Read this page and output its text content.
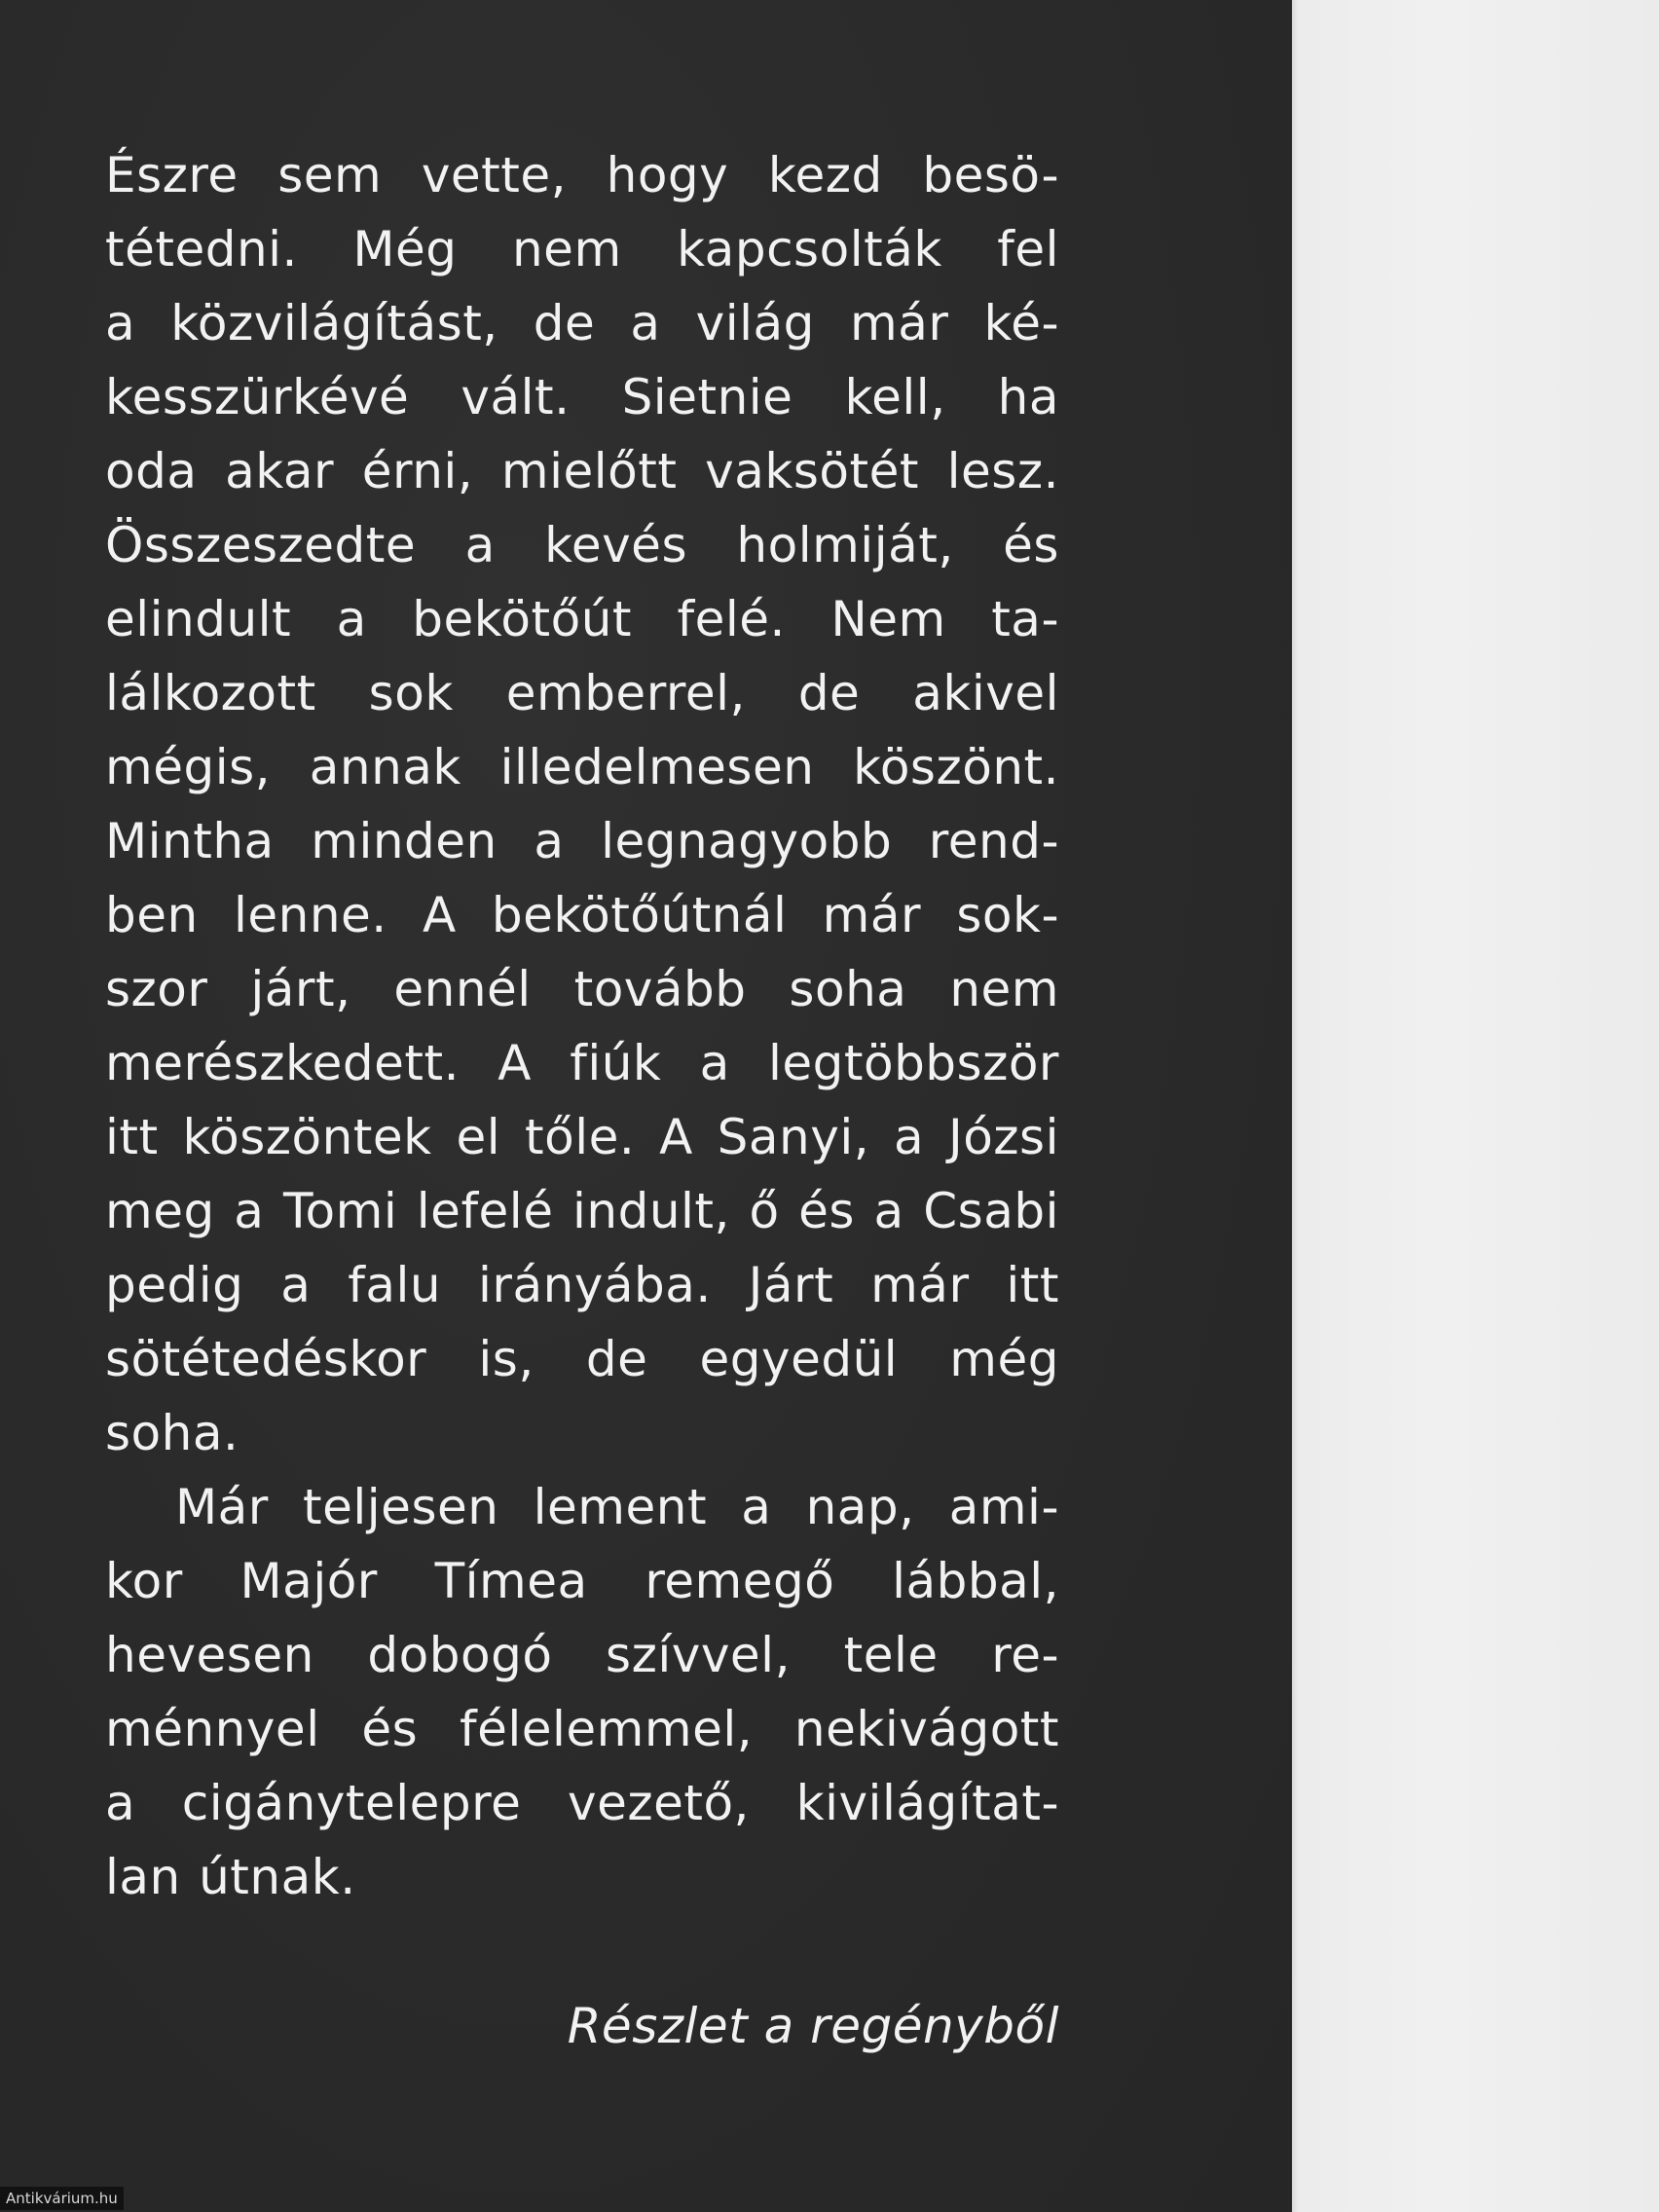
Észre sem vette, hogy kezd besö-
tétedni. Még nem kapcsolták fel
a közvilágítást, de a világ már ké-
kesszürkévé vált. Sietnie kell, ha
oda akar érni, mielőtt vaksötét lesz.
Összeszedte a kevés holmiját, és
elindult a bekötőút felé. Nem ta-
lálkozott sok emberrel, de akivel
mégis, annak illedelmesen köszönt.
Mintha minden a legnagyobb rend-
ben lenne. A bekötőútnál már sok-
szor járt, ennél tovább soha nem
merészkedett. A fiúk a legtöbbször
itt köszöntek el tőle. A Sanyi, a Józsi
meg a Tomi lefelé indult, ő és a Csabi
pedig a falu irányába. Járt már itt
sötétedéskor is, de egyedül még
soha.
Már teljesen lement a nap, ami-
kor Majór Tímea remegő lábbal,
hevesen dobogó szívvel, tele re-
ménnyel és félelemmel, nekivágott
a cigánytelepre vezető, kivilágítat-
lan útnak.
Részlet a regényből
Antikvárium.hu
